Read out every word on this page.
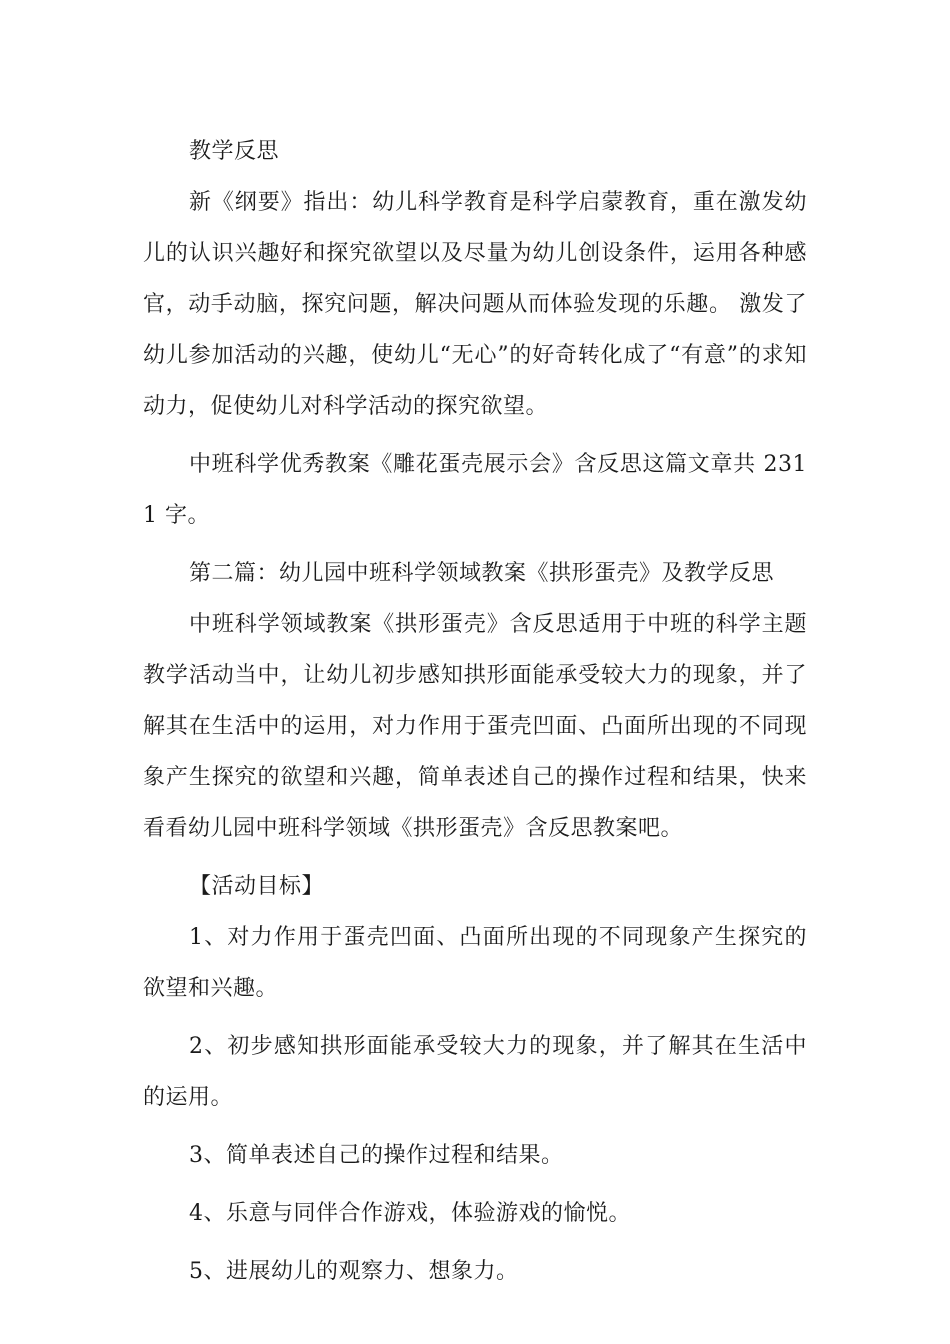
教学反思

新《纲要》指出：幼儿科学教育是科学启蒙教育，重在激发幼儿的认识兴趣好和探究欲望以及尽量为幼儿创设条件，运用各种感官，动手动脑，探究问题，解决问题从而体验发现的乐趣。 激发了幼儿参加活动的兴趣，使幼儿“无心”的好奇转化成了“有意”的求知动力，促使幼儿对科学活动的探究欲望。

中班科学优秀教案《雕花蛋壳展示会》含反思这篇文章共 2311 字。

第二篇：幼儿园中班科学领域教案《拱形蛋壳》及教学反思

中班科学领域教案《拱形蛋壳》含反思适用于中班的科学主题教学活动当中，让幼儿初步感知拱形面能承受较大力的现象，并了解其在生活中的运用，对力作用于蛋壳凹面、凸面所出现的不同现象产生探究的欲望和兴趣，简单表述自己的操作过程和结果，快来看看幼儿园中班科学领域《拱形蛋壳》含反思教案吧。

【活动目标】

1、对力作用于蛋壳凹面、凸面所出现的不同现象产生探究的欲望和兴趣。

2、初步感知拱形面能承受较大力的现象，并了解其在生活中的运用。

3、简单表述自己的操作过程和结果。

4、乐意与同伴合作游戏，体验游戏的愉悦。

5、进展幼儿的观察力、想象力。
